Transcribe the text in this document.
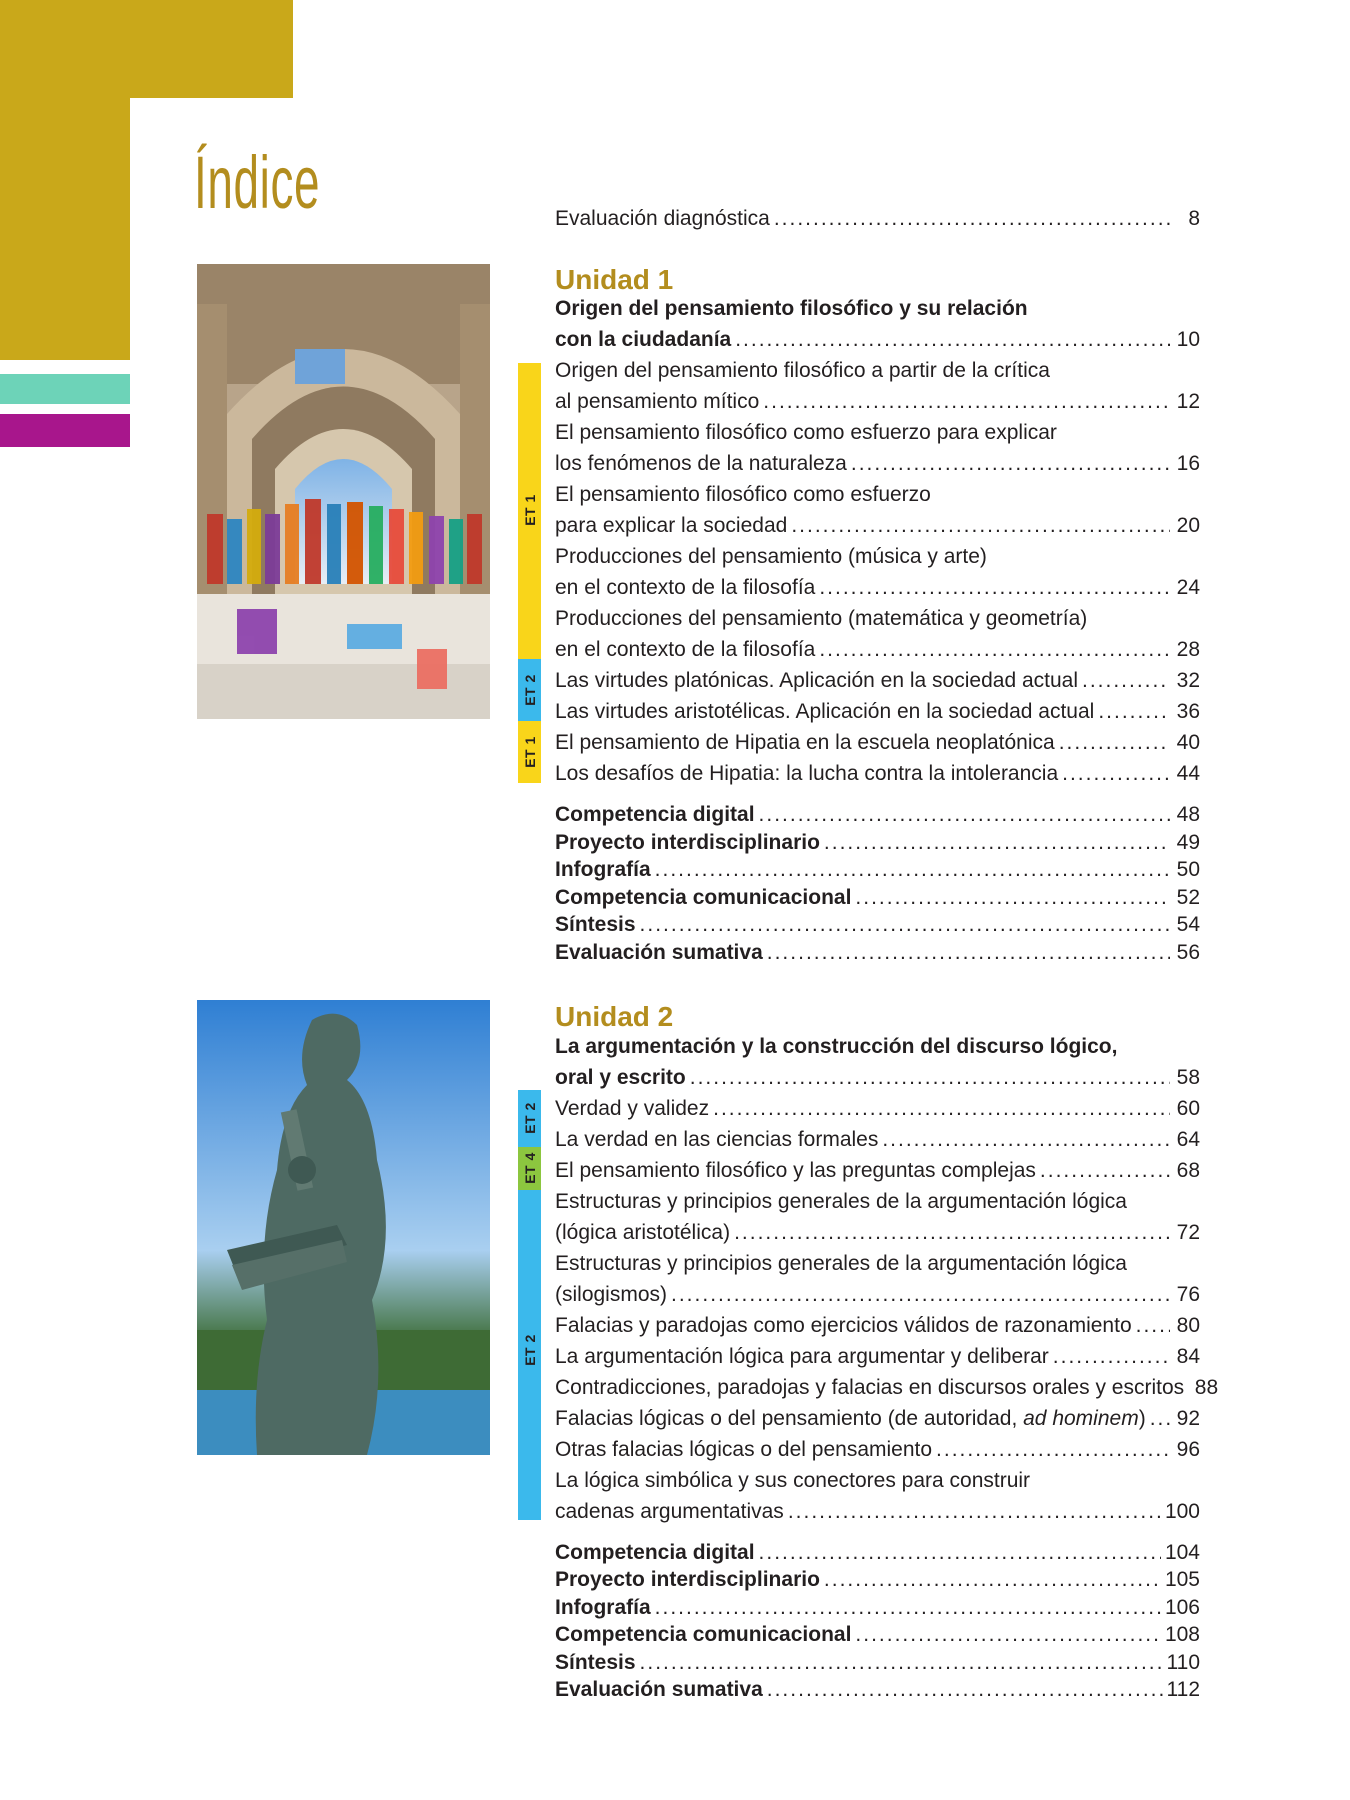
Índice
ET 1
ET 2
ET 1
ET 2
ET 4
ET 2
Evaluación diagnóstica .....	8
Unidad 1
Origen del pensamiento filosófico y su relación
con la ciudadanía .....	10
Origen del pensamiento filosófico a partir de la crítica
al pensamiento mítico .....	12
El pensamiento filosófico como esfuerzo para explicar
los fenómenos de la naturaleza .....	16
El pensamiento filosófico como esfuerzo
para explicar la sociedad .....	20
Producciones del pensamiento (música y arte)
en el contexto de la filosofía .....	24
Producciones del pensamiento (matemática y geometría)
en el contexto de la filosofía .....	28
Las virtudes platónicas. Aplicación en la sociedad actual .....	32
Las virtudes aristotélicas. Aplicación en la sociedad actual .....	36
El pensamiento de Hipatia en la escuela neoplatónica .....	40
Los desafíos de Hipatia: la lucha contra la intolerancia .....	44
Competencia digital .....	48
Proyecto interdisciplinario .....	49
Infografía .....	50
Competencia comunicacional .....	52
Síntesis .....	54
Evaluación sumativa .....	56
Unidad 2
La argumentación y la construcción del discurso lógico,
oral y escrito .....	58
Verdad y validez .....	60
La verdad en las ciencias formales .....	64
El pensamiento filosófico y las preguntas complejas .....	68
Estructuras y principios generales de la argumentación lógica
(lógica aristotélica) .....	72
Estructuras y principios generales de la argumentación lógica
(silogismos) .....	76
Falacias y paradojas como ejercicios válidos de razonamiento ..... 80
La argumentación lógica para argumentar y deliberar .....	84
Contradicciones, paradojas y falacias en discursos orales y escritos 88
Falacias lógicas o del pensamiento (de autoridad, ad hominem) ..... 92
Otras falacias lógicas o del pensamiento .....	96
La lógica simbólica y sus conectores para construir
cadenas argumentativas .....	100
Competencia digital .....	104
Proyecto interdisciplinario .....	105
Infografía .....	106
Competencia comunicacional .....	108
Síntesis .....	110
Evaluación sumativa .....	112
